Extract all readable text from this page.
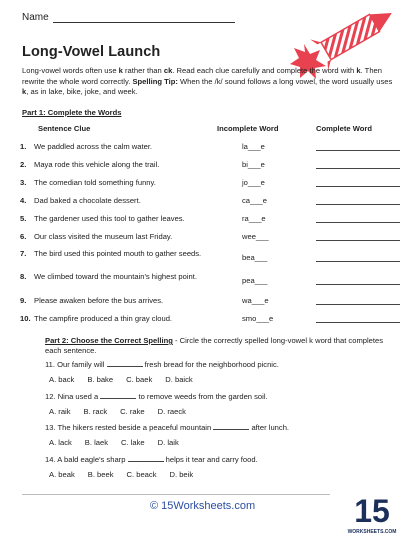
Name
Long-Vowel Launch
Long-vowel words often use k rather than ck. Read each clue carefully and complete the word with k. Then rewrite the whole word correctly. Spelling Tip: When the /k/ sound follows a long vowel, the word usually uses k, as in lake, bike, joke, and week.
Part 1: Complete the Words
Sentence Clue	Incomplete Word	Complete Word
1. We paddled across the calm water.	la___e
2. Maya rode this vehicle along the trail.	bi___e
3. The comedian told something funny.	jo___e
4. Dad baked a chocolate dessert.	ca___e
5. The gardener used this tool to gather leaves.	ra___e
6. Our class visited the museum last Friday.	wee___
7. The bird used this pointed mouth to gather seeds.	bea___
8. We climbed toward the mountain's highest point.	pea___
9. Please awaken before the bus arrives.	wa___e
10. The campfire produced a thin gray cloud.	smo___e
Part 2: Choose the Correct Spelling - Circle the correctly spelled long-vowel k word that completes each sentence.
11. Our family will	fresh bread for the neighborhood picnic.
A. back B. bake C. baek D. baick
12. Nina used a	to remove weeds from the garden soil.
A. raik B. rack C. rake D. raeck
13. The hikers rested beside a peaceful mountain	after lunch.
A. lack B. laek C. lake D. laik
14. A bald eagle's sharp	helps it tear and carry food.
A. beak B. beek C. beack D. beik
© 15Worksheets.com	15
WORKSHEETS.COM
